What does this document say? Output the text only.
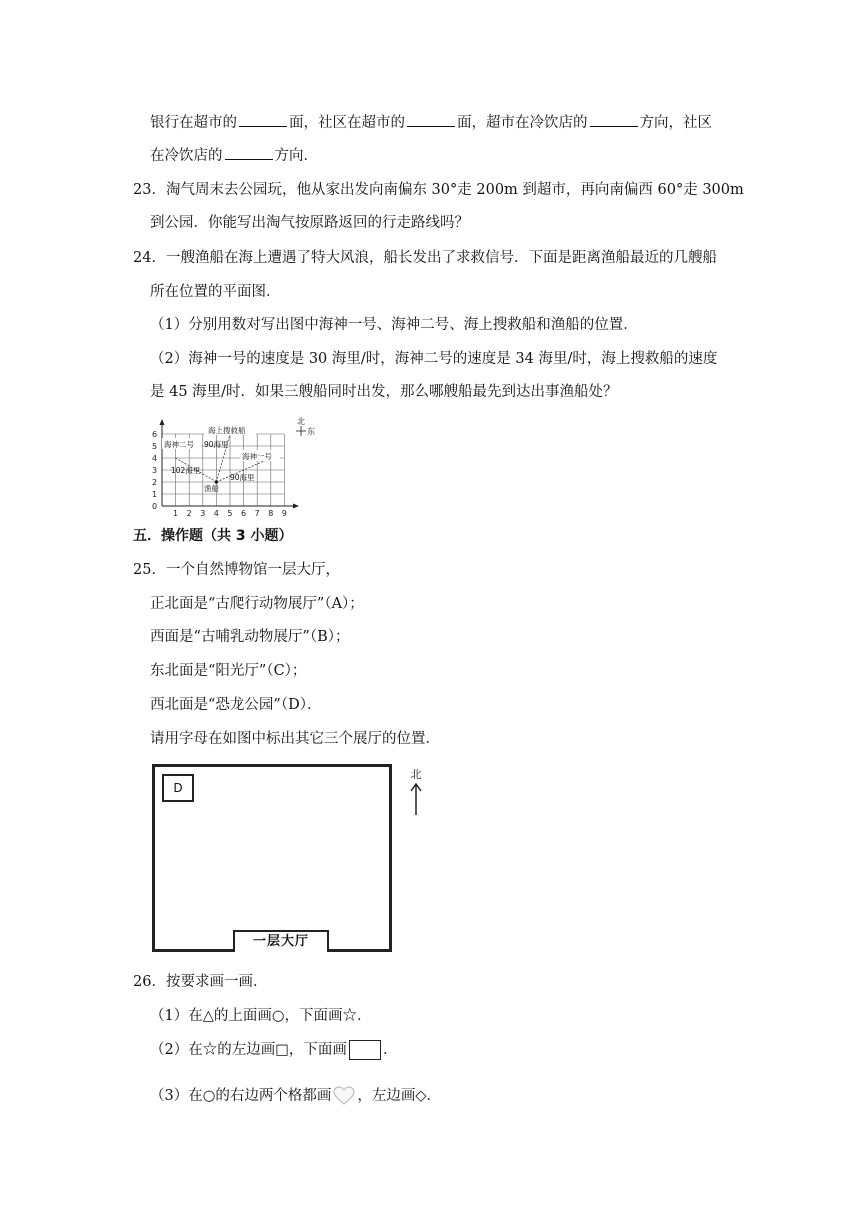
银行在超市的	面，社区在超市的	面，超市在冷饮店的	方向，社区
在冷饮店的	方向．
23．淘气周末去公园玩，他从家出发向南偏东 30°走 200m 到超市，再向南偏西 60°走 300m
到公园．你能写出淘气按原路返回的行走路线吗？
24．一艘渔船在海上遭遇了特大风浪，船长发出了求救信号．下面是距离渔船最近的几艘船
所在位置的平面图．
（1）分别用数对写出图中海神一号、海神二号、海上搜救船和渔船的位置．
（2）海神一号的速度是 30 海里/时，海神二号的速度是 34 海里/时，海上搜救船的速度
是 45 海里/时．如果三艘船同时出发，那么哪艘船最先到达出事渔船处？
0
1
2
3
4
5
6
1 2 3 4 5 6 7 8 9
海上搜救船
海神二号 90海里
海神一号
102海里
渔船
90海里
北
东
五．操作题（共 3 小题）
25．一个自然博物馆一层大厅，
正北面是“古爬行动物展厅”（A）；
西面是“古哺乳动物展厅”（B）；
东北面是“阳光厅”（C）；
西北面是“恐龙公园”（D）．
请用字母在如图中标出其它三个展厅的位置．
D
一层大厅
北
26．按要求画一画．
（1）在△的上面画○，下面画☆．
（2）在☆的左边画□，下面画 ．
（3）在○的右边两个格都画 ，左边画◇．
